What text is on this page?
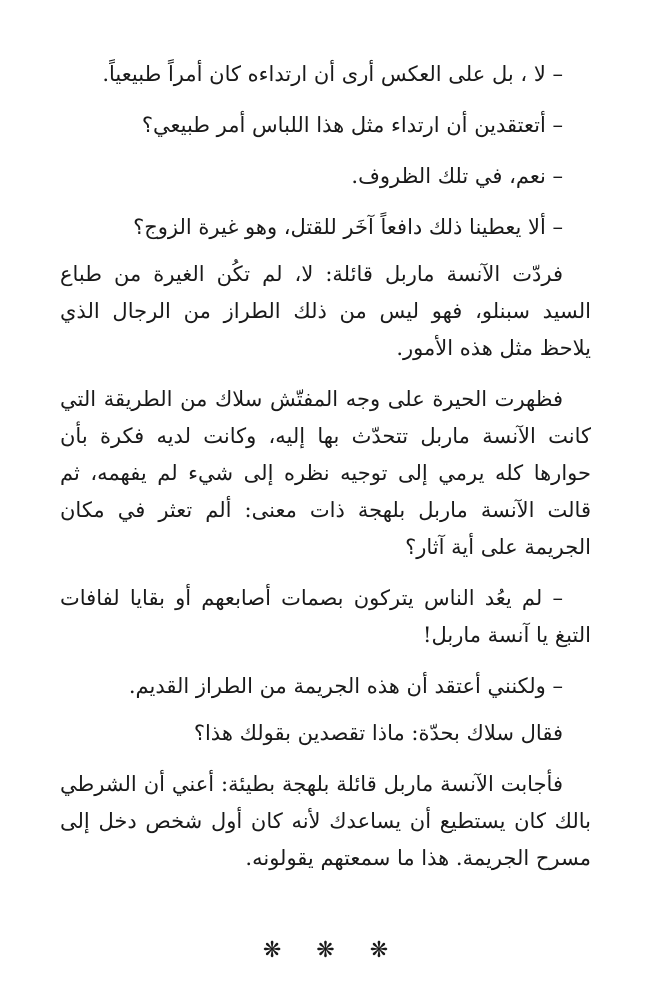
– لا ، بل على العكس أرى أن ارتداءه كان أمراً طبيعياً.

– أتعتقدين أن ارتداء مثل هذا اللباس أمر طبيعي؟

– نعم، في تلك الظروف.

– ألا يعطينا ذلك دافعاً آخَر للقتل، وهو غيرة الزوج؟

فردّت الآنسة ماربل قائلة: لا، لم تكُن الغيرة من طباع السيد سبنلو، فهو ليس من ذلك الطراز من الرجال الذي يلاحظ مثل هذه الأمور.

فظهرت الحيرة على وجه المفتّش سلاك من الطريقة التي كانت الآنسة ماربل تتحدّث بها إليه، وكانت لديه فكرة بأن حوارها كله يرمي إلى توجيه نظره إلى شيء لم يفهمه، ثم قالت الآنسة ماربل بلهجة ذات معنى: ألم تعثر في مكان الجريمة على أية آثار؟

– لم يعُد الناس يتركون بصمات أصابعهم أو بقايا لفافات التبغ يا آنسة ماربل!

– ولكنني أعتقد أن هذه الجريمة من الطراز القديم.

فقال سلاك بحدّة: ماذا تقصدين بقولك هذا؟

فأجابت الآنسة ماربل قائلة بلهجة بطيئة: أعني أن الشرطي بالك كان يستطيع أن يساعدك لأنه كان أول شخص دخل إلى مسرح الجريمة. هذا ما سمعتهم يقولونه.

❋ ❋ ❋
